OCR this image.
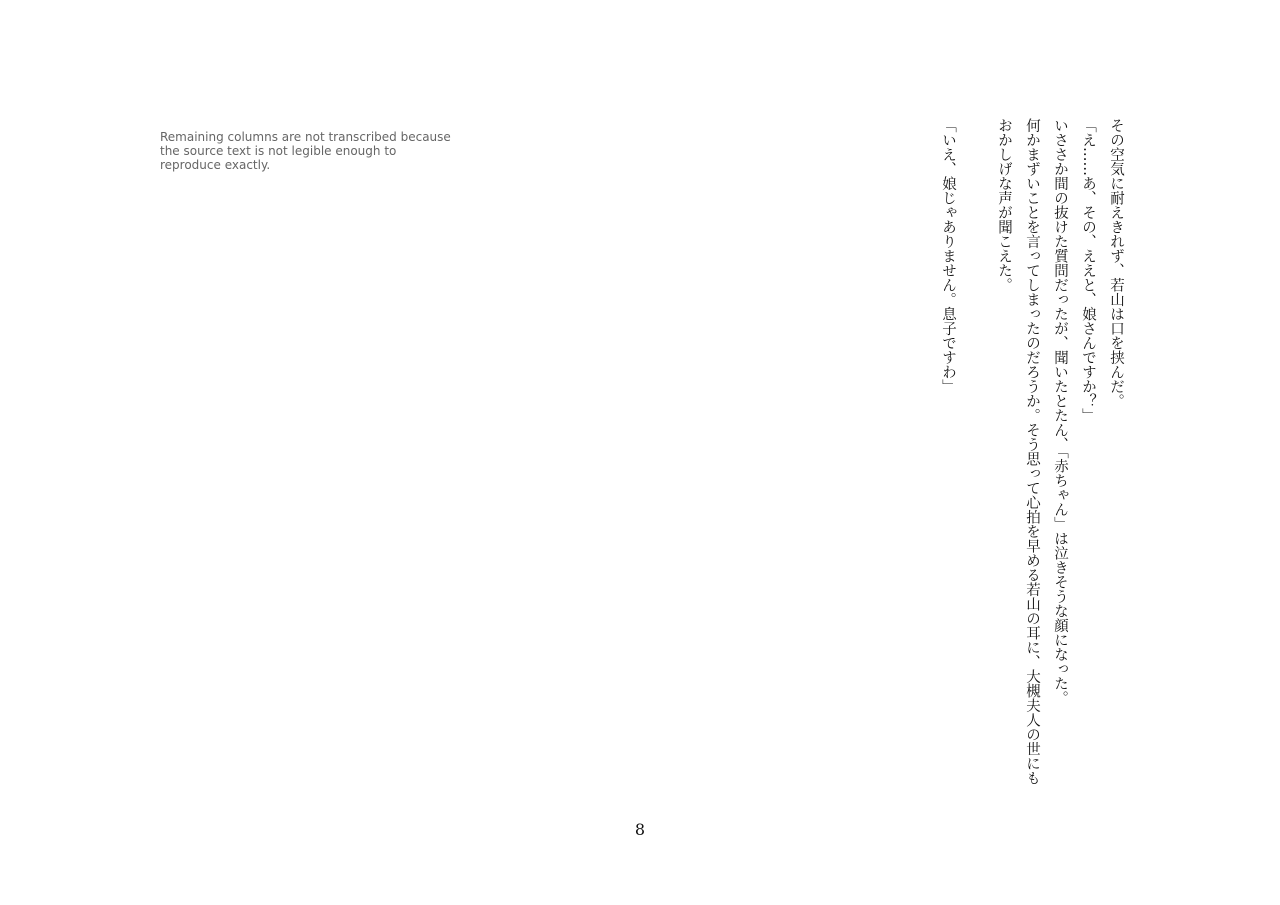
その空気に耐えきれず、若山は口を挟んだ。

「え……あ、その、ええと、娘さんですか？」

いささか間の抜けた質問だったが、聞いたとたん、「赤ちゃん」は泣きそうな顔になった。

何かまずいことを言ってしまったのだろうか。そう思って心拍を早める若山の耳に、大槻夫人の世にもおかしげな声が聞こえた。

「いえ、娘じゃありません。息子ですわ」

Remaining columns are not transcribed because the source text is not legible enough to reproduce exactly.
8
